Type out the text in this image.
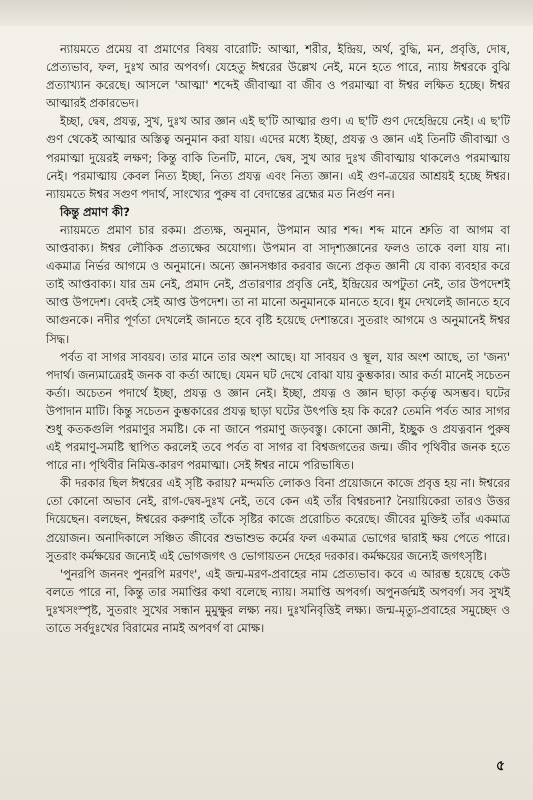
ন্যায়মতে প্রমেয় বা প্রমাণের বিষয় বারোটি: আত্মা, শরীর, ইন্দ্রিয়, অর্থ, বুদ্ধি, মন, প্রবৃত্তি, দোষ, প্রেত্যভাব, ফল, দুঃখ আর অপবর্গ। যেহেতু ঈশ্বরের উল্লেখ নেই, মনে হতে পারে, ন্যায় ঈশ্বরকে বুঝি প্রত্যাখ্যান করেছে। আসলে 'আত্মা' শব্দেই জীবাত্মা বা জীব ও পরমাত্মা বা ঈশ্বর লক্ষিত হচ্ছে। ঈশ্বর আত্মারই প্রকারভেদ।

ইচ্ছা, দ্বেষ, প্রযত্ন, সুখ, দুঃখ আর জ্ঞান এই ছ'টি আত্মার গুণ। এ ছ'টি গুণ দেহেন্দ্রিয়ে নেই। এ ছ'টি গুণ থেকেই আত্মার অস্তিত্ব অনুমান করা যায়। এদের মধ্যে ইচ্ছা, প্রযত্ন ও জ্ঞান এই তিনটি জীবাত্মা ও পরমাত্মা দুয়েরই লক্ষণ; কিন্তু বাকি তিনটি, মানে, দ্বেষ, সুখ আর দুঃখ জীবাত্মায় থাকলেও পরমাত্মায় নেই। পরমাত্মায় কেবল নিত্য ইচ্ছা, নিত্য প্রযত্ন এবং নিত্য জ্ঞান। এই গুণ-ত্রয়ের আশ্রয়ই হচ্ছে ঈশ্বর। ন্যায়মতে ঈশ্বর সগুণ পদার্থ, সাংখ্যের পুরুষ বা বেদান্তের ব্রহ্মের মত নির্গুণ নন।

কিন্তু প্রমাণ কী?

ন্যায়মতে প্রমাণ চার রকম। প্রত্যক্ষ, অনুমান, উপমান আর শব্দ। শব্দ মানে শ্রুতি বা আগম বা আপ্তবাক্য। ঈশ্বর লৌকিক প্রত্যক্ষের অযোগ্য। উপমান বা সাদৃশ্যজ্ঞানের ফলও তাকে বলা যায় না। একমাত্র নির্ভর আগমে ও অনুমানে। অন্যে জ্ঞানসঞ্চার করবার জন্যে প্রকৃত জ্ঞানী যে বাক্য ব্যবহার করে তাই আপ্তবাক্য। যার ভ্রম নেই, প্রমাদ নেই, প্রতারণার প্রবৃত্তি নেই, ইন্দ্রিয়ের অপটুতা নেই, তার উপদেশই আপ্ত উপদেশ। বেদই সেই আপ্ত উপদেশ। তা না মানো অনুমানকে মানতে হবে। ধূম দেখলেই জানতে হবে আগুনকে। নদীর পূর্ণতা দেখলেই জানতে হবে বৃষ্টি হয়েছে দেশান্তরে। সুতরাং আগমে ও অনুমানেই ঈশ্বর সিদ্ধ।

পর্বত বা সাগর সাবয়ব। তার মানে তার অংশ আছে। যা সাবয়ব ও স্থূল, যার অংশ আছে, তা 'জন্য' পদার্থ। জন্যমাত্রেরই জনক বা কর্তা আছে। যেমন ঘট দেখে বোঝা যায় কুম্ভকার। আর কর্তা মানেই সচেতন কর্তা। অচেতন পদার্থে ইচ্ছা, প্রযত্ন ও জ্ঞান নেই। ইচ্ছা, প্রযত্ন ও জ্ঞান ছাড়া কর্তৃত্ব অসম্ভব। ঘটের উপাদান মাটি। কিন্তু সচেতন কুম্ভকারের প্রযত্ন ছাড়া ঘটের উৎপত্তি হয় কি করে? তেমনি পর্বত আর সাগর শুধু কতকগুলি পরমাণুর সমষ্টি। কে না জানে পরমাণু জড়বস্তু। কোনো জ্ঞানী, ইচ্ছুক ও প্রযত্নবান পুরুষ এই পরমাণু-সমষ্টি স্থাপিত করলেই তবে পর্বত বা সাগর বা বিশ্বজগতের জন্ম। জীব পৃথিবীর জনক হতে পারে না। পৃথিবীর নিমিত্ত-কারণ পরমাত্মা। সেই ঈশ্বর নামে পরিভাষিত।

কী দরকার ছিল ঈশ্বরের এই সৃষ্টি করায়? মন্দমতি লোকও বিনা প্রয়োজনে কাজে প্রবৃত্ত হয় না। ঈশ্বরের তো কোনো অভাব নেই, রাগ-দ্বেষ-দুঃখ নেই, তবে কেন এই তাঁর বিশ্বরচনা? নৈয়ায়িকেরা তারও উত্তর দিয়েছেন। বলছেন, ঈশ্বরের করুণাই তাঁকে সৃষ্টির কাজে প্ররোচিত করেছে। জীবের মুক্তিই তাঁর একমাত্র প্রয়োজন। অনাদিকালে সঞ্চিত জীবের শুভাশুভ কর্মের ফল একমাত্র ভোগের দ্বারাই ক্ষয় পেতে পারে। সুতরাং কর্মক্ষয়ের জন্যেই এই ভোগজগৎ ও ভোগায়তন দেহের দরকার। কর্মক্ষয়ের জন্যেই জগৎসৃষ্টি।

'পুনরপি জননং পুনরপি মরণং', এই জন্ম-মরণ-প্রবাহের নাম প্রেত্যভাব। কবে এ আরম্ভ হয়েছে কেউ বলতে পারে না, কিন্তু তার সমাপ্তির কথা বলেছে ন্যায়। সমাপ্তি অপবর্গ। অপুনর্জন্মই অপবর্গ। সব সুখই দুঃখসংস্পৃষ্ট, সুতরাং সুখের সন্ধান মুমুক্ষুর লক্ষ্য নয়। দুঃখনিবৃত্তিই লক্ষ্য। জন্ম-মৃত্যু-প্রবাহের সমুচ্ছেদ ও তাতে সর্বদুঃখের বিরামের নামই অপবর্গ বা মোক্ষ।

৫
